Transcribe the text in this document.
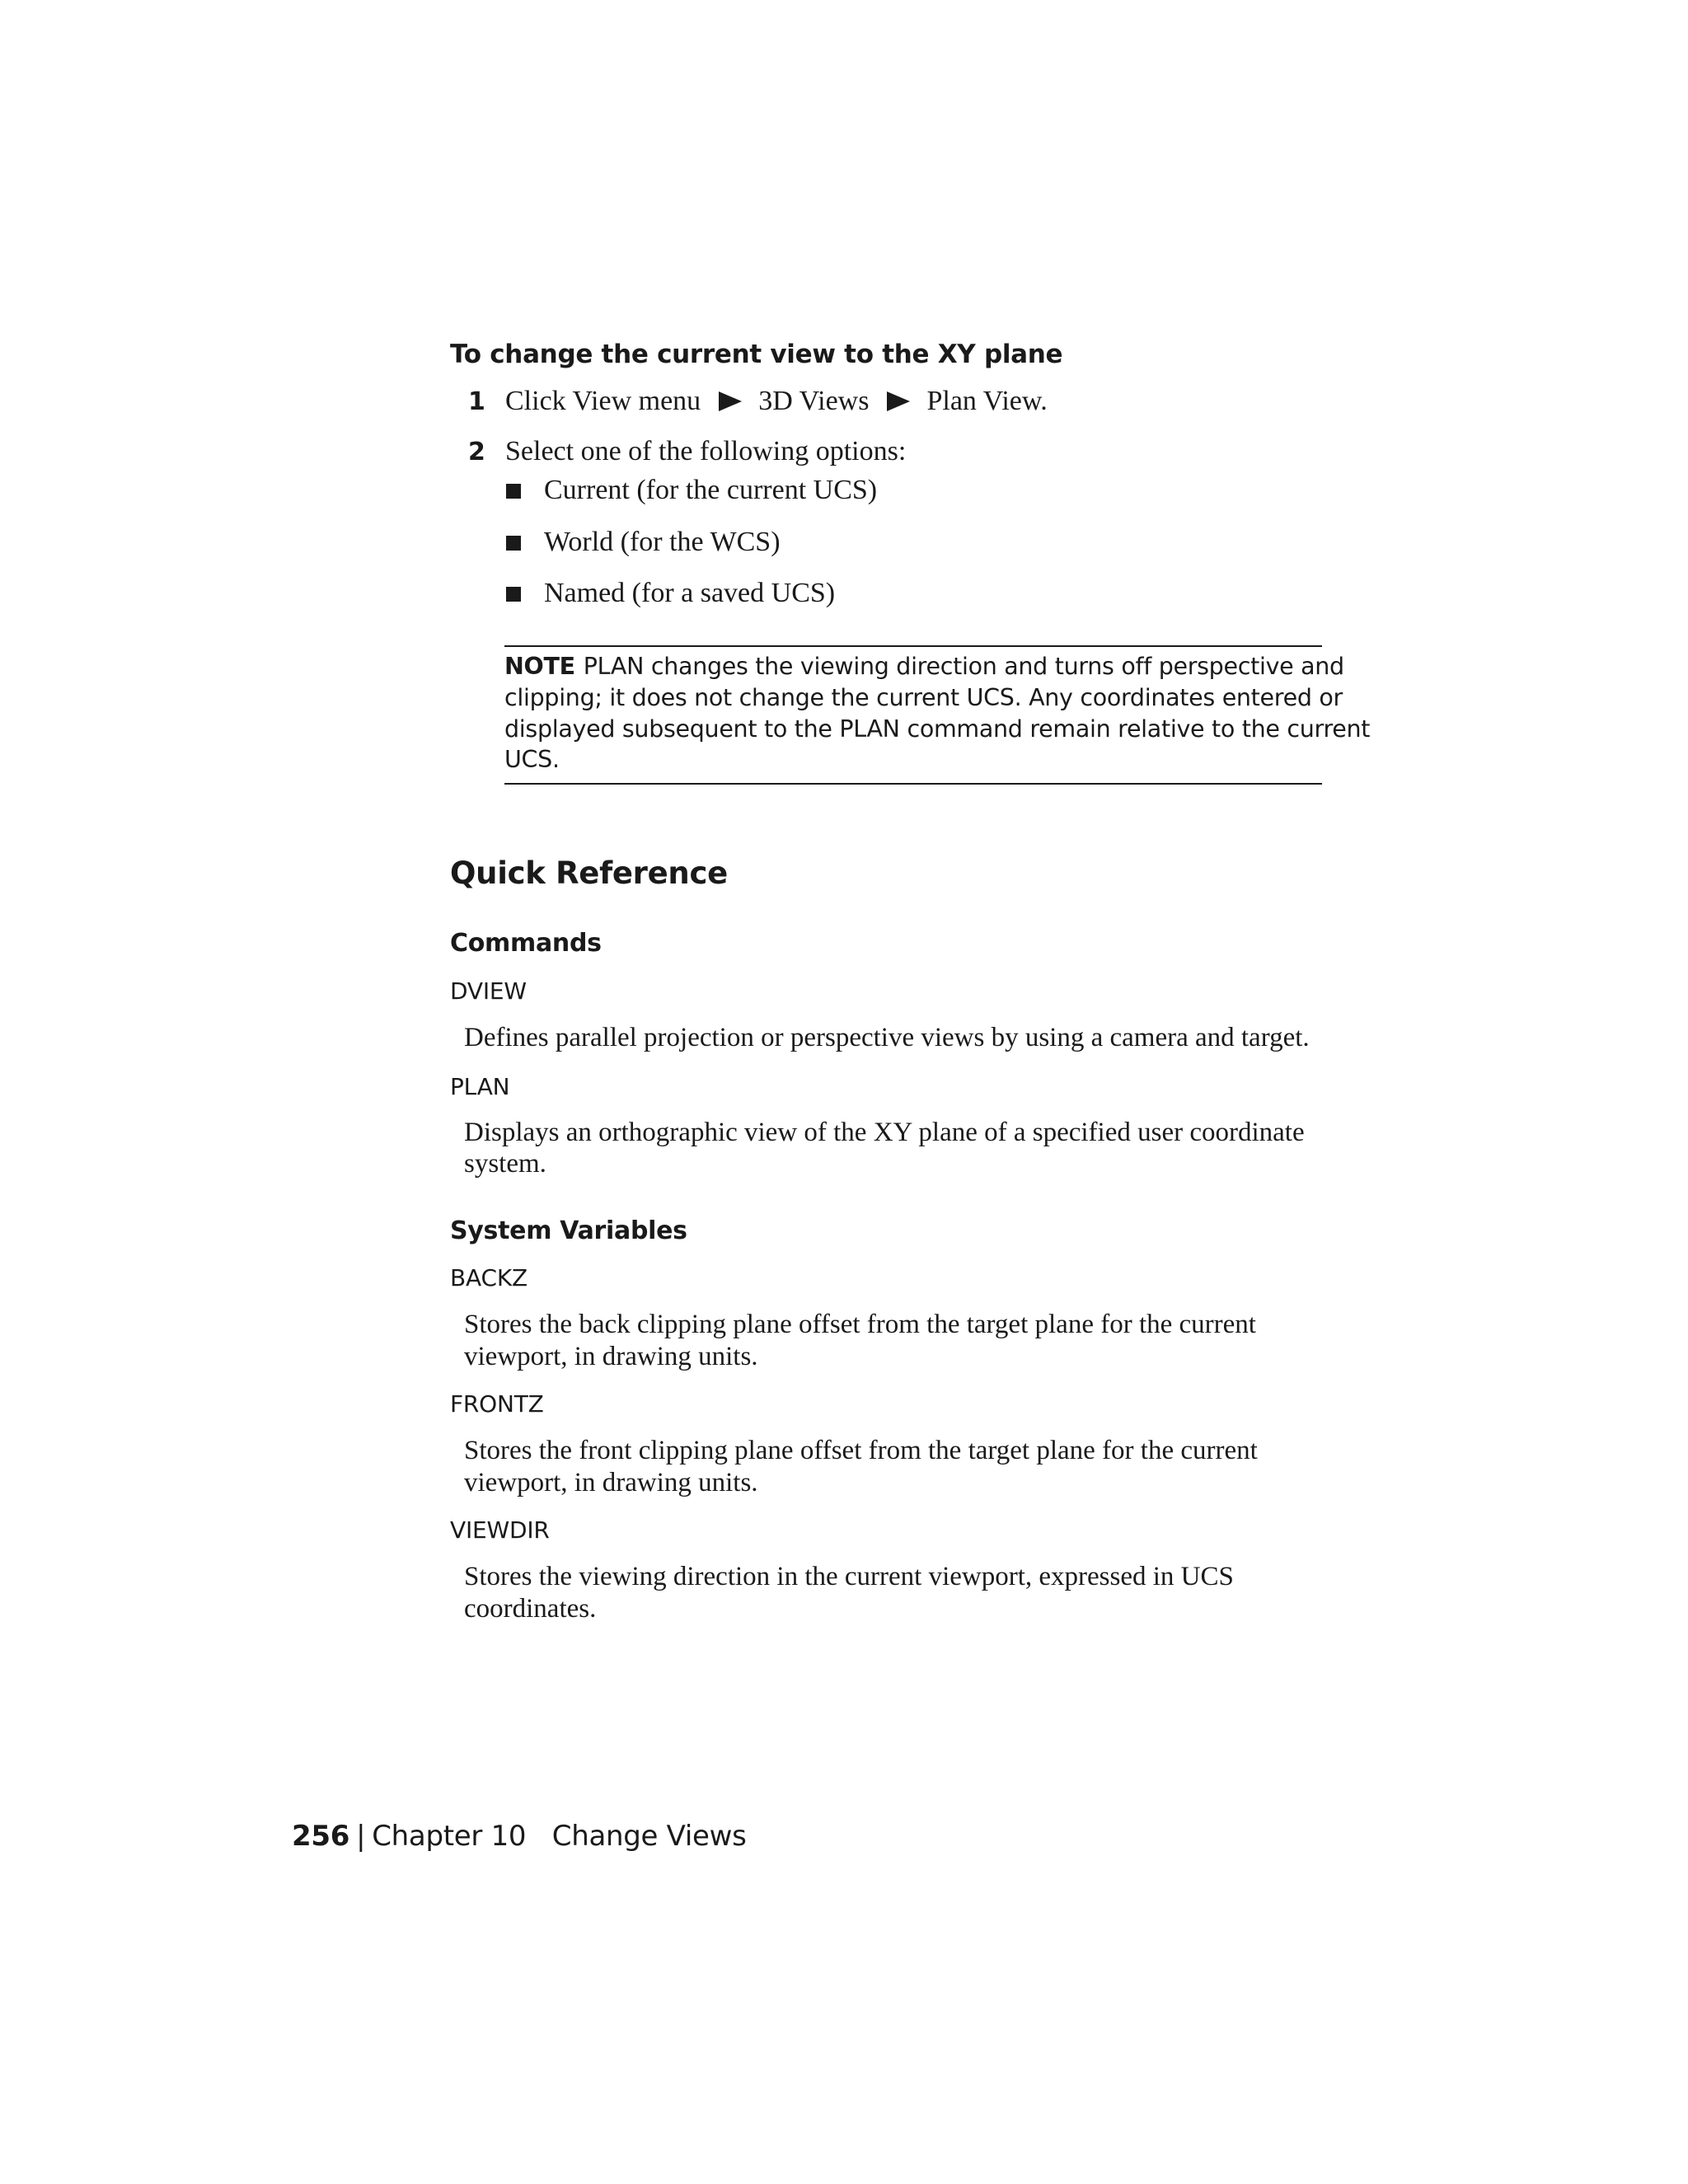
To change the current view to the XY plane
1 Click View menu 3D Views Plan View.
2 Select one of the following options:
Current (for the current UCS)
World (for the WCS)
Named (for a saved UCS)
NOTE PLAN changes the viewing direction and turns off perspective and
clipping; it does not change the current UCS. Any coordinates entered or
displayed subsequent to the PLAN command remain relative to the current
UCS.
Quick Reference
Commands
DVIEW
Defines parallel projection or perspective views by using a camera and target.
PLAN
Displays an orthographic view of the XY plane of a specified user coordinate
system.
System Variables
BACKZ
Stores the back clipping plane offset from the target plane for the current
viewport, in drawing units.
FRONTZ
Stores the front clipping plane offset from the target plane for the current
viewport, in drawing units.
VIEWDIR
Stores the viewing direction in the current viewport, expressed in UCS
coordinates.
256 | Chapter 10 Change Views
